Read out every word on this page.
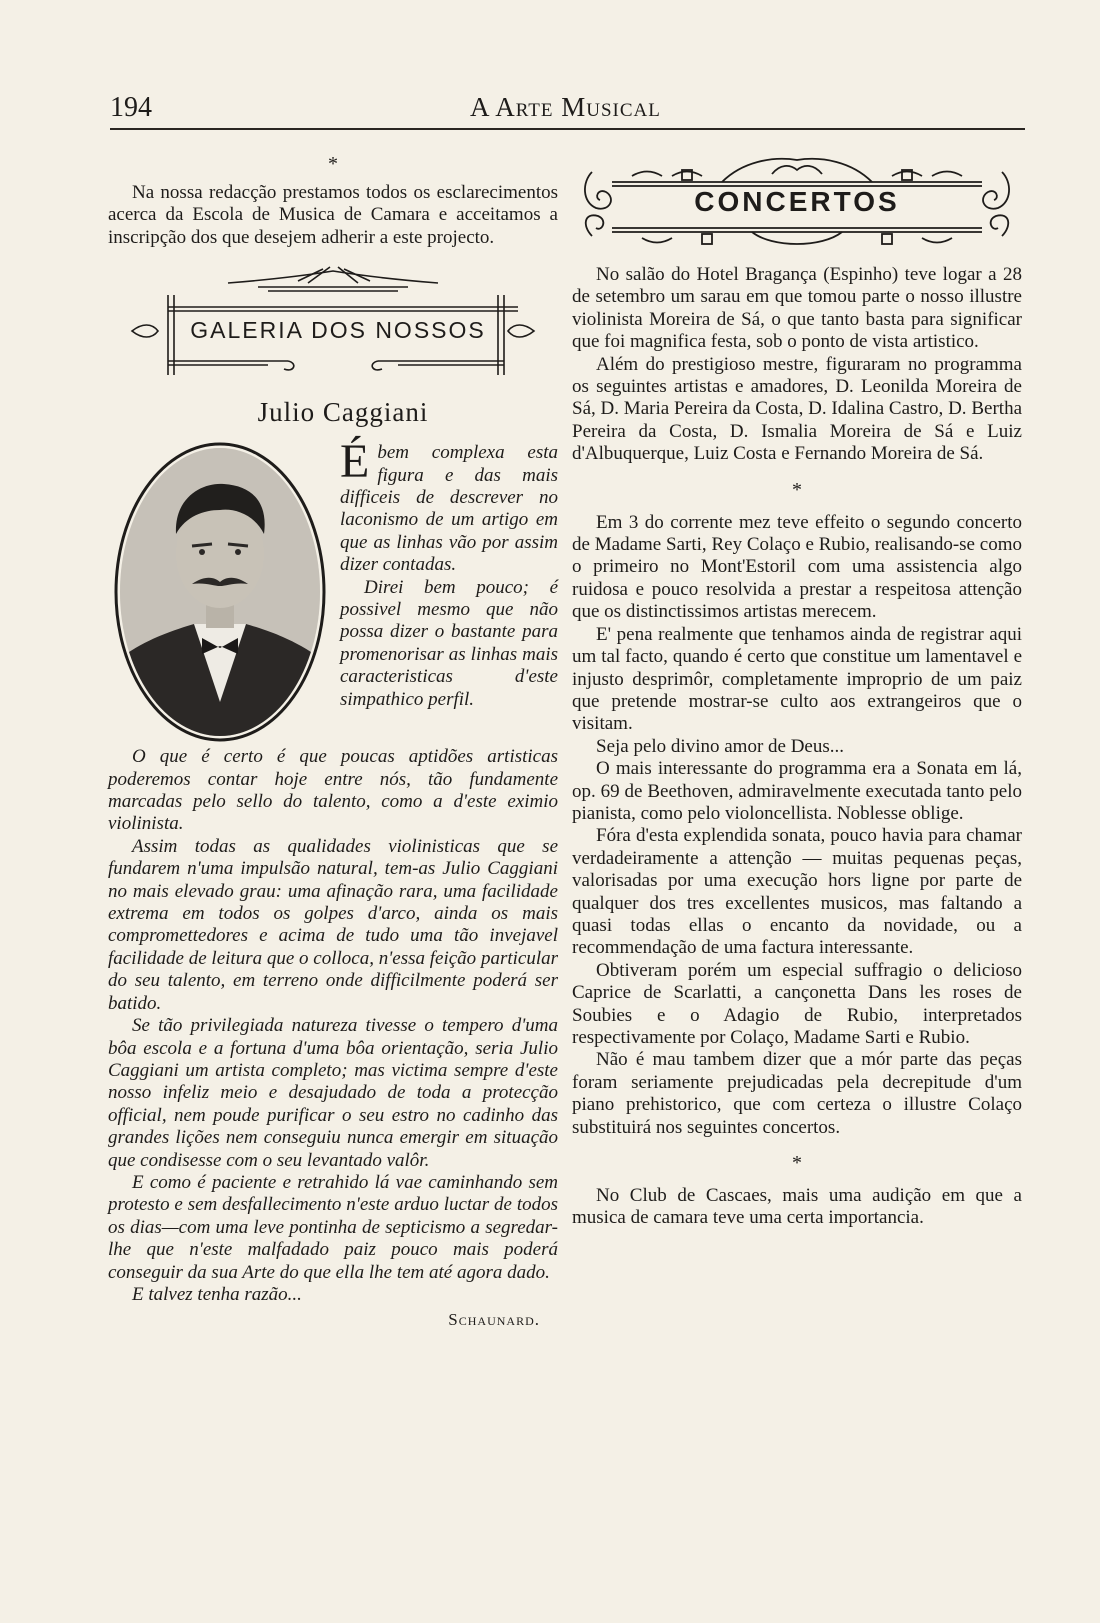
194	A Arte Musical

*

Na nossa redacção prestamos todos os esclarecimentos acerca da Escola de Musica de Camara e acceitamos a inscripção dos que desejem adherir a este projecto.

GALERIA DOS NOSSOS
Julio Caggiani

Ébem complexa esta figura e das mais difficeis de descrever no laconismo de um artigo em que as linhas vão por assim dizer contadas.

Direi bem pouco; é possivel mesmo que não possa dizer o bastante para promenorisar as linhas mais caracteristicas d'este simpathico perfil.

O que é certo é que poucas aptidões artisticas poderemos contar hoje entre nós, tão fundamente marcadas pelo sello do talento, como a d'este eximio violinista.

Assim todas as qualidades violinisticas que se fundarem n'uma impulsão natural, tem-as Julio Caggiani no mais elevado grau: uma afinação rara, uma facilidade extrema em todos os golpes d'arco, ainda os mais compromettedores e acima de tudo uma tão invejavel facilidade de leitura que o colloca, n'essa feição particular do seu talento, em terreno onde difficilmente poderá ser batido.

Se tão privilegiada natureza tivesse o tempero d'uma bôa escola e a fortuna d'uma bôa orientação, seria Julio Caggiani um artista completo; mas victima sempre d'este nosso infeliz meio e desajudado de toda a protecção official, nem poude purificar o seu estro no cadinho das grandes lições nem conseguiu nunca emergir em situação que condisesse com o seu levantado valôr.

E como é paciente e retrahido lá vae caminhando sem protesto e sem desfallecimento n'este arduo luctar de todos os dias—com uma leve pontinha de septicismo a segredar-lhe que n'este malfadado paiz pouco mais poderá conseguir da sua Arte do que ella lhe tem até agora dado.

E talvez tenha razão...

Schaunard.
CONCERTOS

No salão do Hotel Bragança (Espinho) teve logar a 28 de setembro um sarau em que tomou parte o nosso illustre violinista Moreira de Sá, o que tanto basta para significar que foi magnifica festa, sob o ponto de vista artistico.

Além do prestigioso mestre, figuraram no programma os seguintes artistas e amadores, D. Leonilda Moreira de Sá, D. Maria Pereira da Costa, D. Idalina Castro, D. Bertha Pereira da Costa, D. Ismalia Moreira de Sá e Luiz d'Albuquerque, Luiz Costa e Fernando Moreira de Sá.

*

Em 3 do corrente mez teve effeito o segundo concerto de Madame Sarti, Rey Colaço e Rubio, realisando-se como o primeiro no Mont'Estoril com uma assistencia algo ruidosa e pouco resolvida a prestar a respeitosa attenção que os distinctissimos artistas merecem.

E' pena realmente que tenhamos ainda de registrar aqui um tal facto, quando é certo que constitue um lamentavel e injusto desprimôr, completamente improprio de um paiz que pretende mostrar-se culto aos extrangeiros que o visitam.

Seja pelo divino amor de Deus...

O mais interessante do programma era a Sonata em lá, op. 69 de Beethoven, admiravelmente executada tanto pelo pianista, como pelo violoncellista. Noblesse oblige.

Fóra d'esta explendida sonata, pouco havia para chamar verdadeiramente a attenção — muitas pequenas peças, valorisadas por uma execução hors ligne por parte de qualquer dos tres excellentes musicos, mas faltando a quasi todas ellas o encanto da novidade, ou a recommendação de uma factura interessante.

Obtiveram porém um especial suffragio o delicioso Caprice de Scarlatti, a cançonetta Dans les roses de Soubies e o Adagio de Rubio, interpretados respectivamente por Colaço, Madame Sarti e Rubio.

Não é mau tambem dizer que a mór parte das peças foram seriamente prejudicadas pela decrepitude d'um piano prehistorico, que com certeza o illustre Colaço substituirá nos seguintes concertos.

*

No Club de Cascaes, mais uma audição em que a musica de camara teve uma certa importancia.
